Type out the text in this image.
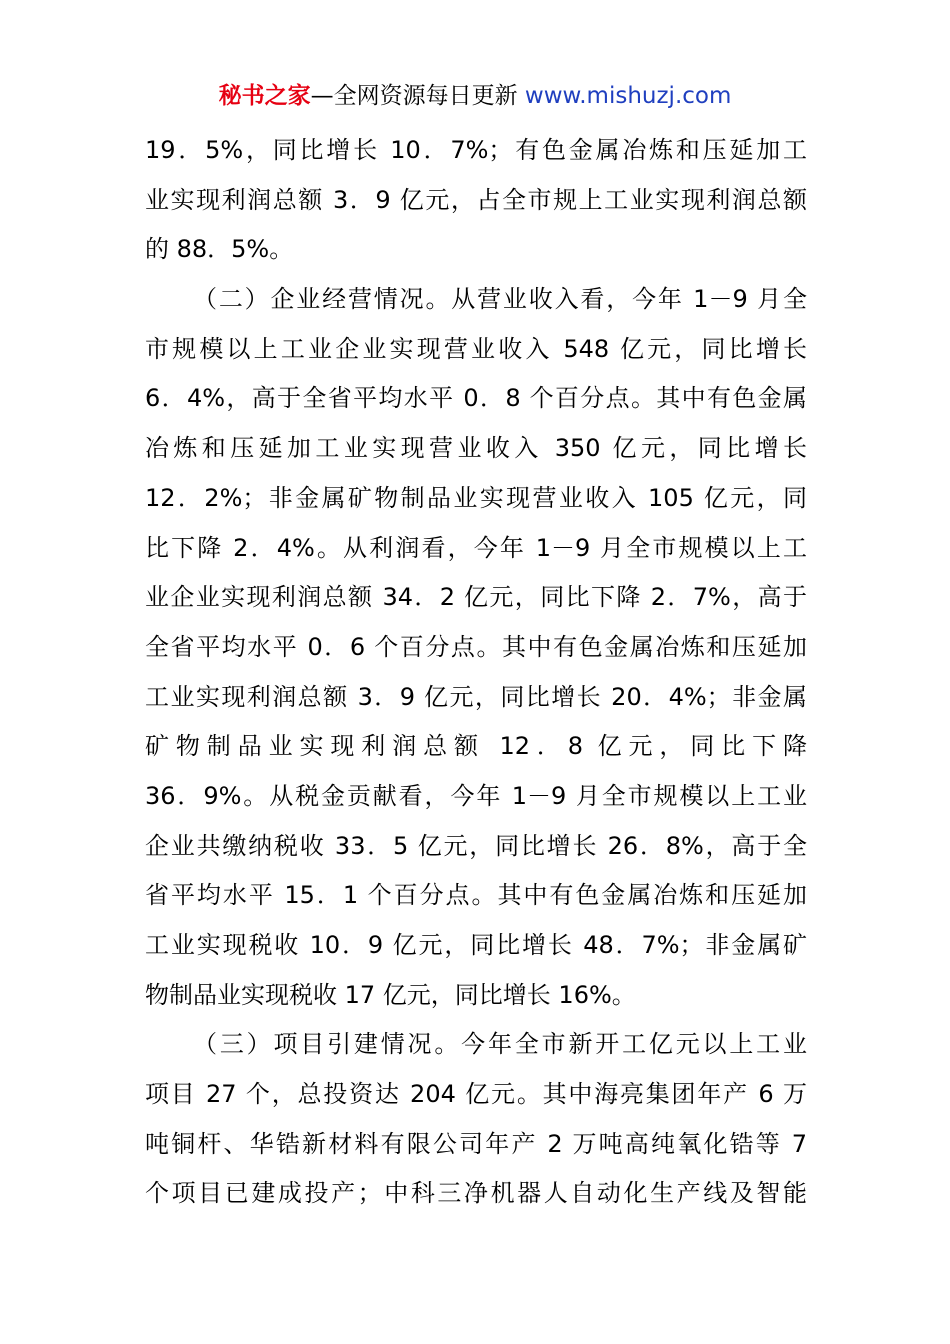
秘书之家—全网资源每日更新 www.mishuzj.com
19．5%，同比增长 10．7%；有色金属冶炼和压延加工
业实现利润总额 3．9 亿元，占全市规上工业实现利润总额
的 88．5%。
（二）企业经营情况。从营业收入看，今年 1－9 月全
市规模以上工业企业实现营业收入 548 亿元，同比增长
6．4%，高于全省平均水平 0．8 个百分点。其中有色金属
冶炼和压延加工业实现营业收入 350 亿元，同比增长
12．2%；非金属矿物制品业实现营业收入 105 亿元，同
比下降 2．4%。从利润看，今年 1－9 月全市规模以上工
业企业实现利润总额 34．2 亿元，同比下降 2．7%，高于
全省平均水平 0．6 个百分点。其中有色金属冶炼和压延加
工业实现利润总额 3．9 亿元，同比增长 20．4%；非金属
矿物制品业实现利润总额 12．8 亿元，同比下降
36．9%。从税金贡献看，今年 1－9 月全市规模以上工业
企业共缴纳税收 33．5 亿元，同比增长 26．8%，高于全
省平均水平 15．1 个百分点。其中有色金属冶炼和压延加
工业实现税收 10．9 亿元，同比增长 48．7%；非金属矿
物制品业实现税收 17 亿元，同比增长 16%。
（三）项目引建情况。今年全市新开工亿元以上工业
项目 27 个，总投资达 204 亿元。其中海亮集团年产 6 万
吨铜杆、华锆新材料有限公司年产 2 万吨高纯氧化锆等 7
个项目已建成投产；中科三净机器人自动化生产线及智能
